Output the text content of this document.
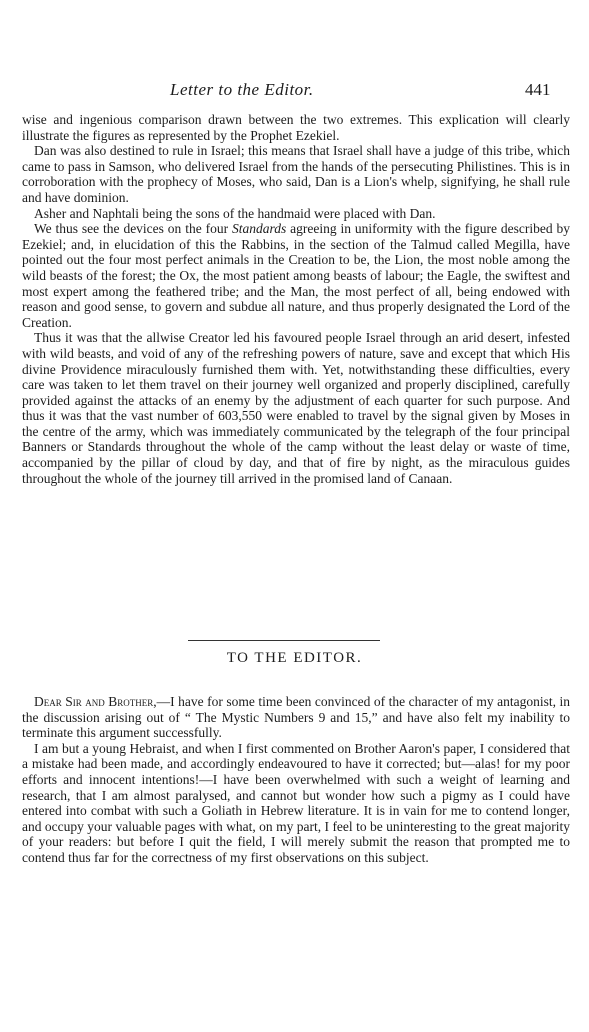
Letter to the Editor.	441

wise and ingenious comparison drawn between the two extremes. This explication will clearly illustrate the figures as represented by the Prophet Ezekiel.

Dan was also destined to rule in Israel; this means that Israel shall have a judge of this tribe, which came to pass in Samson, who delivered Israel from the hands of the persecuting Philistines. This is in corroboration with the prophecy of Moses, who said, Dan is a Lion's whelp, signifying, he shall rule and have dominion.

Asher and Naphtali being the sons of the handmaid were placed with Dan.

We thus see the devices on the four Standards agreeing in uniformity with the figure described by Ezekiel; and, in elucidation of this the Rabbins, in the section of the Talmud called Megilla, have pointed out the four most perfect animals in the Creation to be, the Lion, the most noble among the wild beasts of the forest; the Ox, the most patient among beasts of labour; the Eagle, the swiftest and most expert among the feathered tribe; and the Man, the most perfect of all, being endowed with reason and good sense, to govern and subdue all nature, and thus properly designated the Lord of the Creation.

Thus it was that the allwise Creator led his favoured people Israel through an arid desert, infested with wild beasts, and void of any of the refreshing powers of nature, save and except that which His divine Providence miraculously furnished them with. Yet, notwithstanding these difficulties, every care was taken to let them travel on their journey well organized and properly disciplined, carefully provided against the attacks of an enemy by the adjustment of each quarter for such purpose. And thus it was that the vast number of 603,550 were enabled to travel by the signal given by Moses in the centre of the army, which was immediately communicated by the telegraph of the four principal Banners or Standards throughout the whole of the camp without the least delay or waste of time, accompanied by the pillar of cloud by day, and that of fire by night, as the miraculous guides throughout the whole of the journey till arrived in the promised land of Canaan.

TO THE EDITOR.

Dear Sir and Brother,—I have for some time been convinced of the character of my antagonist, in the discussion arising out of “ The Mystic Numbers 9 and 15,” and have also felt my inability to terminate this argument successfully.

I am but a young Hebraist, and when I first commented on Brother Aaron's paper, I considered that a mistake had been made, and accordingly endeavoured to have it corrected; but—alas! for my poor efforts and innocent intentions!—I have been overwhelmed with such a weight of learning and research, that I am almost paralysed, and cannot but wonder how such a pigmy as I could have entered into combat with such a Goliath in Hebrew literature. It is in vain for me to contend longer, and occupy your valuable pages with what, on my part, I feel to be uninteresting to the great majority of your readers: but before I quit the field, I will merely submit the reason that prompted me to contend thus far for the correctness of my first observations on this subject.
